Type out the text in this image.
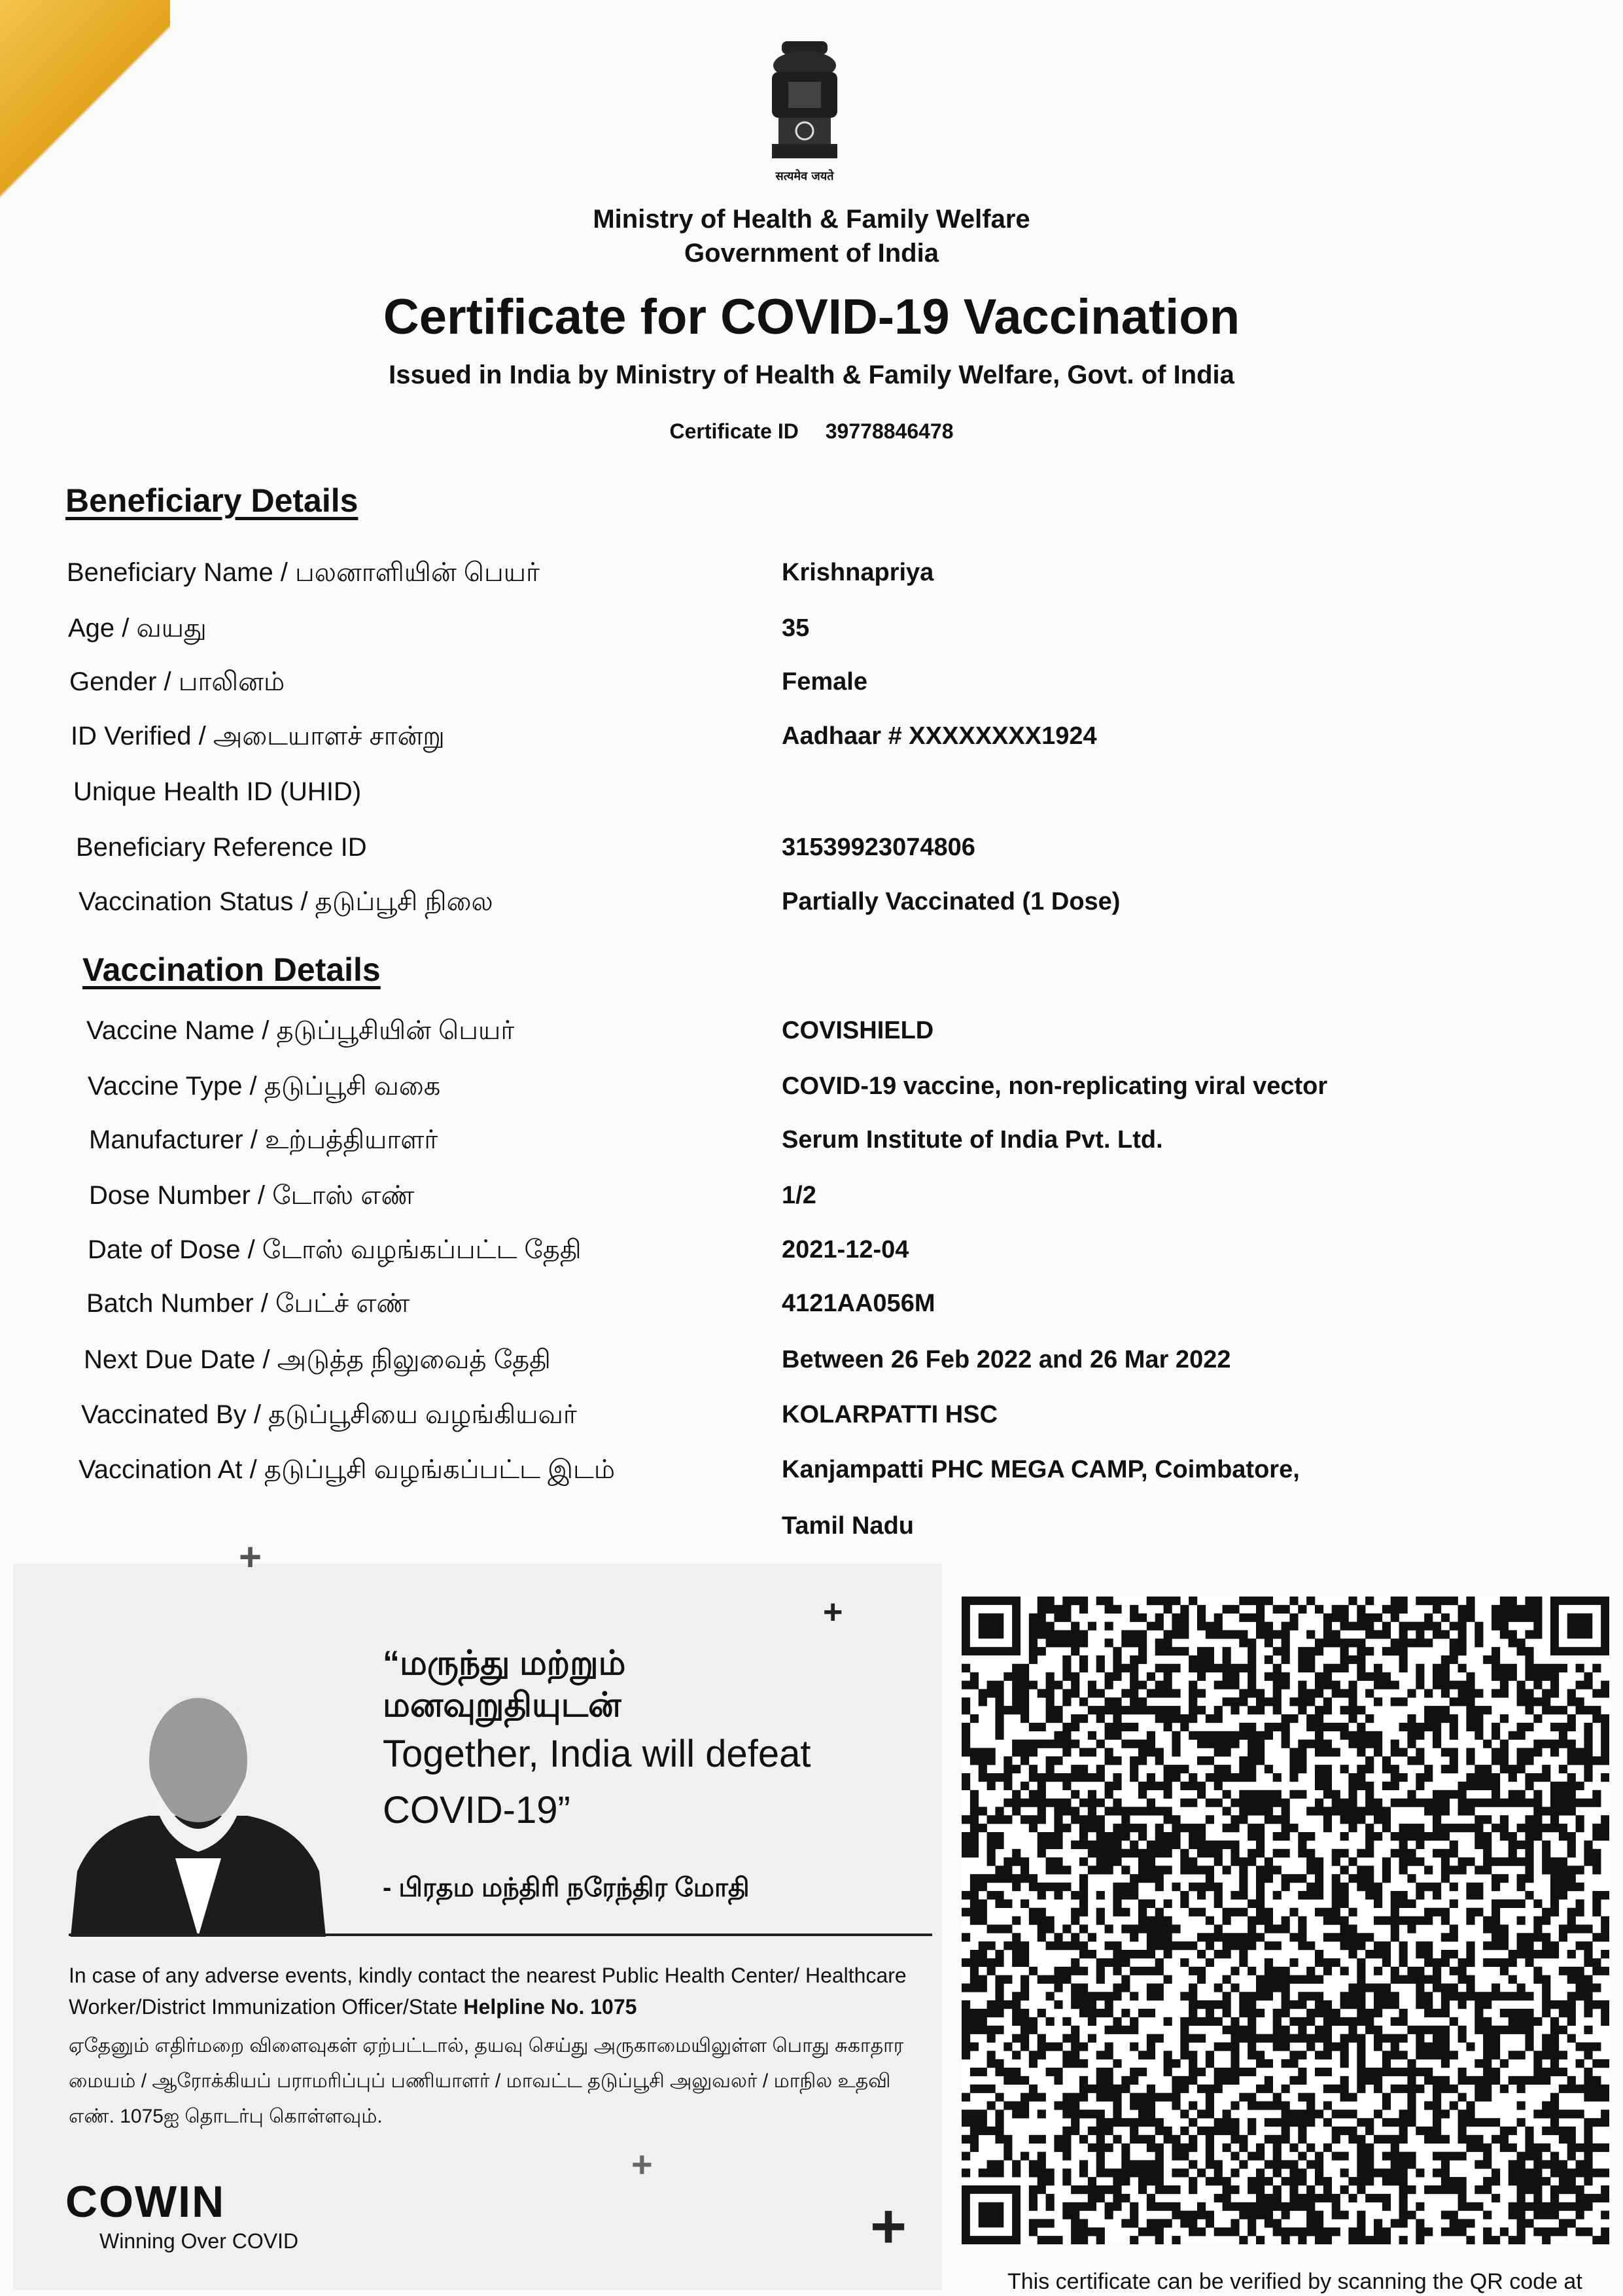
सत्यमेव जयते
Ministry of Health & Family Welfare
Government of India
Certificate for COVID-19 Vaccination
Issued in India by Ministry of Health & Family Welfare, Govt. of India
Certificate ID 39778846478
Beneficiary Details
Beneficiary Name / பலனாளியின் பெயர்	Krishnapriya
Age / வயது	35
Gender / பாலினம்	Female
ID Verified / அடையாளச் சான்று	Aadhaar # XXXXXXXX1924
Unique Health ID (UHID)
Beneficiary Reference ID	31539923074806
Vaccination Status / தடுப்பூசி நிலை	Partially Vaccinated (1 Dose)
Vaccination Details
Vaccine Name / தடுப்பூசியின் பெயர்	COVISHIELD
Vaccine Type / தடுப்பூசி வகை	COVID-19 vaccine, non-replicating viral vector
Manufacturer / உற்பத்தியாளர்	Serum Institute of India Pvt. Ltd.
Dose Number / டோஸ் எண்	1/2
Date of Dose / டோஸ் வழங்கப்பட்ட தேதி	2021-12-04
Batch Number / பேட்ச் எண்	4121AA056M
Next Due Date / அடுத்த நிலுவைத் தேதி	Between 26 Feb 2022 and 26 Mar 2022
Vaccinated By / தடுப்பூசியை வழங்கியவர்	KOLARPATTI HSC
Vaccination At / தடுப்பூசி வழங்கப்பட்ட இடம்	Kanjampatti PHC MEGA CAMP, Coimbatore,
Tamil Nadu
+
+
+
+
“மருந்து மற்றும்
மனவுறுதியுடன்
Together, India will defeat
COVID-19”
- பிரதம மந்திரி நரேந்திர மோதி
In case of any adverse events, kindly contact the nearest Public Health Center/ Healthcare Worker/District Immunization Officer/State Helpline No. 1075
ஏதேனும் எதிர்மறை விளைவுகள் ஏற்பட்டால், தயவு செய்து அருகாமையிலுள்ள பொது சுகாதார மையம் / ஆரோக்கியப் பராமரிப்புப் பணியாளர் / மாவட்ட தடுப்பூசி அலுவலர் / மாநில உதவி எண். 1075ஐ தொடர்பு கொள்ளவும்.
COWIN
Winning Over COVID
This certificate can be verified by scanning the QR code at
